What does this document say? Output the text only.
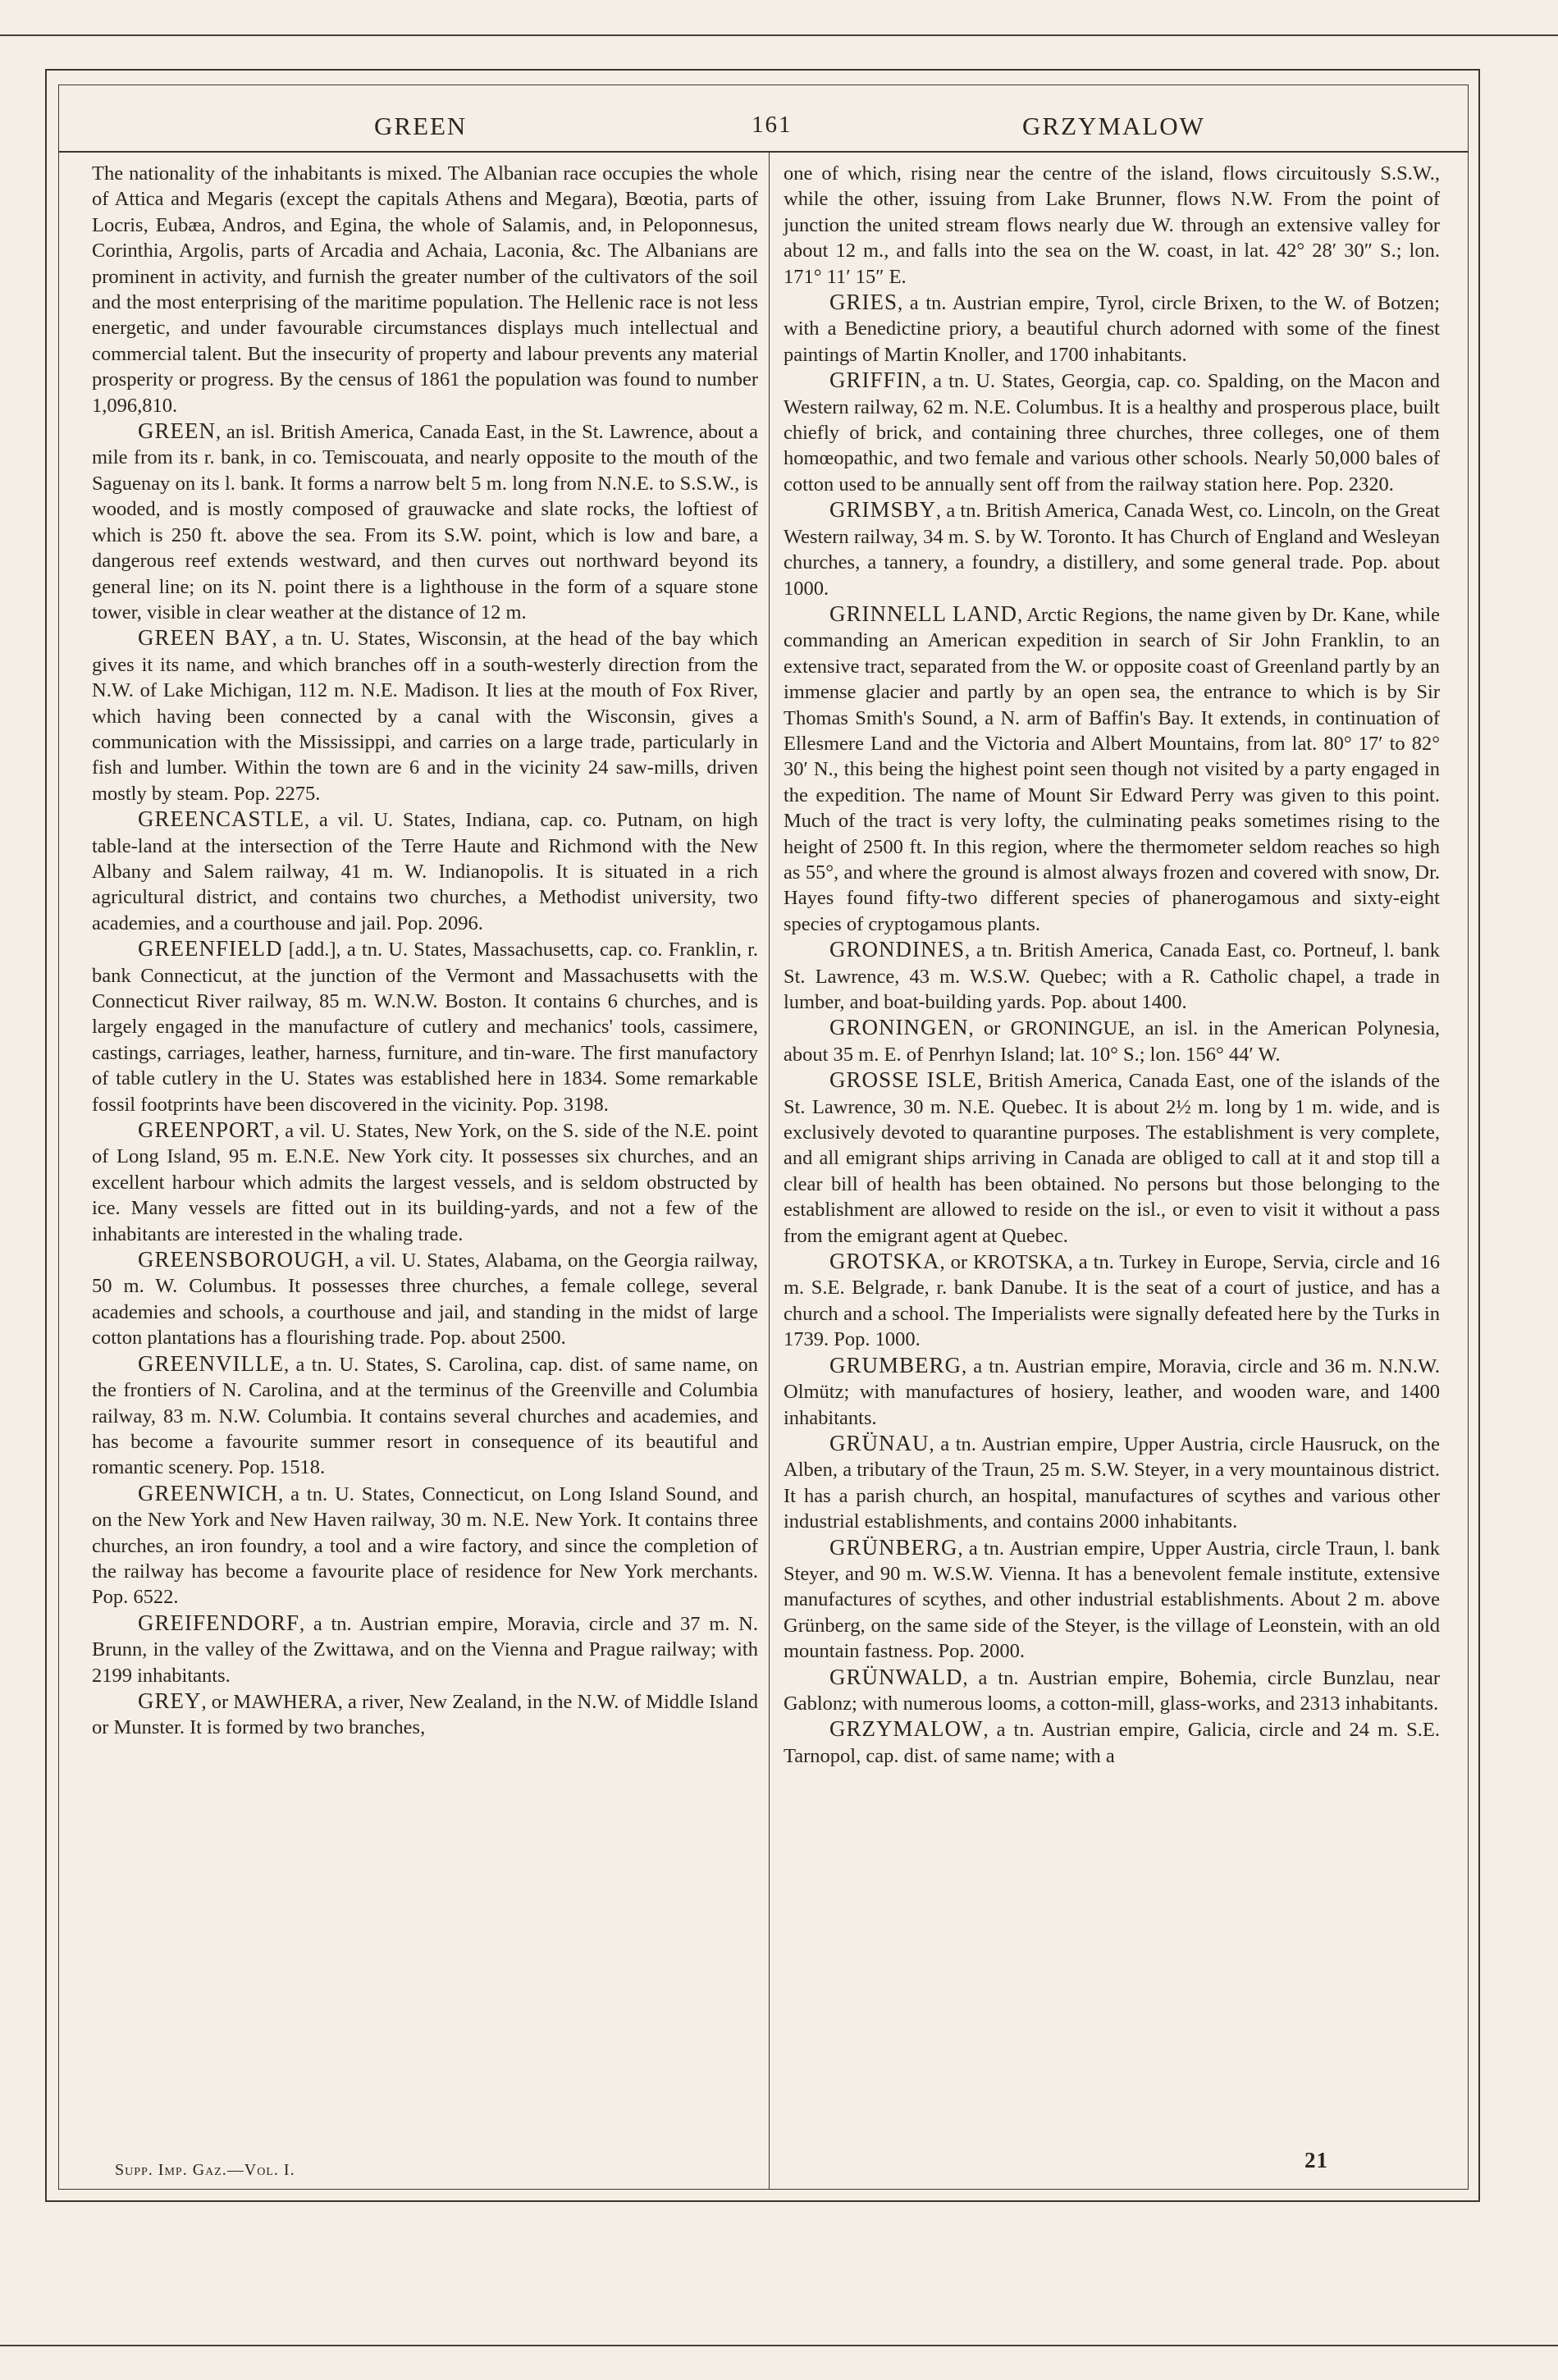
GREEN	161	GRZYMALOW

The nationality of the inhabitants is mixed. The Albanian race occupies the whole of Attica and Megaris (except the capitals Athens and Megara), Bœotia, parts of Locris, Eubæa, Andros, and Egina, the whole of Salamis, and, in Peloponnesus, Corinthia, Argolis, parts of Arcadia and Achaia, Laconia, &c. The Albanians are prominent in activity, and furnish the greater number of the cultivators of the soil and the most enterprising of the maritime population. The Hellenic race is not less energetic, and under favourable circumstances displays much intellectual and commercial talent. But the insecurity of property and labour prevents any material prosperity or progress. By the census of 1861 the population was found to number 1,096,810.

GREEN, an isl. British America, Canada East, in the St. Lawrence, about a mile from its r. bank, in co. Temiscouata, and nearly opposite to the mouth of the Saguenay on its l. bank. It forms a narrow belt 5 m. long from N.N.E. to S.S.W., is wooded, and is mostly composed of grauwacke and slate rocks, the loftiest of which is 250 ft. above the sea. From its S.W. point, which is low and bare, a dangerous reef extends westward, and then curves out northward beyond its general line; on its N. point there is a lighthouse in the form of a square stone tower, visible in clear weather at the distance of 12 m.

GREEN BAY, a tn. U. States, Wisconsin, at the head of the bay which gives it its name, and which branches off in a south-westerly direction from the N.W. of Lake Michigan, 112 m. N.E. Madison. It lies at the mouth of Fox River, which having been connected by a canal with the Wisconsin, gives a communication with the Mississippi, and carries on a large trade, particularly in fish and lumber. Within the town are 6 and in the vicinity 24 saw-mills, driven mostly by steam. Pop. 2275.

GREENCASTLE, a vil. U. States, Indiana, cap. co. Putnam, on high table-land at the intersection of the Terre Haute and Richmond with the New Albany and Salem railway, 41 m. W. Indianopolis. It is situated in a rich agricultural district, and contains two churches, a Methodist university, two academies, and a courthouse and jail. Pop. 2096.

GREENFIELD [add.], a tn. U. States, Massachusetts, cap. co. Franklin, r. bank Connecticut, at the junction of the Vermont and Massachusetts with the Connecticut River railway, 85 m. W.N.W. Boston. It contains 6 churches, and is largely engaged in the manufacture of cutlery and mechanics' tools, cassimere, castings, carriages, leather, harness, furniture, and tin-ware. The first manufactory of table cutlery in the U. States was established here in 1834. Some remarkable fossil footprints have been discovered in the vicinity. Pop. 3198.

GREENPORT, a vil. U. States, New York, on the S. side of the N.E. point of Long Island, 95 m. E.N.E. New York city. It possesses six churches, and an excellent harbour which admits the largest vessels, and is seldom obstructed by ice. Many vessels are fitted out in its building-yards, and not a few of the inhabitants are interested in the whaling trade.

GREENSBOROUGH, a vil. U. States, Alabama, on the Georgia railway, 50 m. W. Columbus. It possesses three churches, a female college, several academies and schools, a courthouse and jail, and standing in the midst of large cotton plantations has a flourishing trade. Pop. about 2500.

GREENVILLE, a tn. U. States, S. Carolina, cap. dist. of same name, on the frontiers of N. Carolina, and at the terminus of the Greenville and Columbia railway, 83 m. N.W. Columbia. It contains several churches and academies, and has become a favourite summer resort in consequence of its beautiful and romantic scenery. Pop. 1518.

GREENWICH, a tn. U. States, Connecticut, on Long Island Sound, and on the New York and New Haven railway, 30 m. N.E. New York. It contains three churches, an iron foundry, a tool and a wire factory, and since the completion of the railway has become a favourite place of residence for New York merchants. Pop. 6522.

GREIFENDORF, a tn. Austrian empire, Moravia, circle and 37 m. N. Brunn, in the valley of the Zwittawa, and on the Vienna and Prague railway; with 2199 inhabitants.

GREY, or MAWHERA, a river, New Zealand, in the N.W. of Middle Island or Munster. It is formed by two branches,

one of which, rising near the centre of the island, flows circuitously S.S.W., while the other, issuing from Lake Brunner, flows N.W. From the point of junction the united stream flows nearly due W. through an extensive valley for about 12 m., and falls into the sea on the W. coast, in lat. 42° 28′ 30″ S.; lon. 171° 11′ 15″ E.

GRIES, a tn. Austrian empire, Tyrol, circle Brixen, to the W. of Botzen; with a Benedictine priory, a beautiful church adorned with some of the finest paintings of Martin Knoller, and 1700 inhabitants.

GRIFFIN, a tn. U. States, Georgia, cap. co. Spalding, on the Macon and Western railway, 62 m. N.E. Columbus. It is a healthy and prosperous place, built chiefly of brick, and containing three churches, three colleges, one of them homœopathic, and two female and various other schools. Nearly 50,000 bales of cotton used to be annually sent off from the railway station here. Pop. 2320.

GRIMSBY, a tn. British America, Canada West, co. Lincoln, on the Great Western railway, 34 m. S. by W. Toronto. It has Church of England and Wesleyan churches, a tannery, a foundry, a distillery, and some general trade. Pop. about 1000.

GRINNELL LAND, Arctic Regions, the name given by Dr. Kane, while commanding an American expedition in search of Sir John Franklin, to an extensive tract, separated from the W. or opposite coast of Greenland partly by an immense glacier and partly by an open sea, the entrance to which is by Sir Thomas Smith's Sound, a N. arm of Baffin's Bay. It extends, in continuation of Ellesmere Land and the Victoria and Albert Mountains, from lat. 80° 17′ to 82° 30′ N., this being the highest point seen though not visited by a party engaged in the expedition. The name of Mount Sir Edward Perry was given to this point. Much of the tract is very lofty, the culminating peaks sometimes rising to the height of 2500 ft. In this region, where the thermometer seldom reaches so high as 55°, and where the ground is almost always frozen and covered with snow, Dr. Hayes found fifty-two different species of phanerogamous and sixty-eight species of cryptogamous plants.

GRONDINES, a tn. British America, Canada East, co. Portneuf, l. bank St. Lawrence, 43 m. W.S.W. Quebec; with a R. Catholic chapel, a trade in lumber, and boat-building yards. Pop. about 1400.

GRONINGEN, or GRONINGUE, an isl. in the American Polynesia, about 35 m. E. of Penrhyn Island; lat. 10° S.; lon. 156° 44′ W.

GROSSE ISLE, British America, Canada East, one of the islands of the St. Lawrence, 30 m. N.E. Quebec. It is about 2½ m. long by 1 m. wide, and is exclusively devoted to quarantine purposes. The establishment is very complete, and all emigrant ships arriving in Canada are obliged to call at it and stop till a clear bill of health has been obtained. No persons but those belonging to the establishment are allowed to reside on the isl., or even to visit it without a pass from the emigrant agent at Quebec.

GROTSKA, or KROTSKA, a tn. Turkey in Europe, Servia, circle and 16 m. S.E. Belgrade, r. bank Danube. It is the seat of a court of justice, and has a church and a school. The Imperialists were signally defeated here by the Turks in 1739. Pop. 1000.

GRUMBERG, a tn. Austrian empire, Moravia, circle and 36 m. N.N.W. Olmütz; with manufactures of hosiery, leather, and wooden ware, and 1400 inhabitants.

GRÜNAU, a tn. Austrian empire, Upper Austria, circle Hausruck, on the Alben, a tributary of the Traun, 25 m. S.W. Steyer, in a very mountainous district. It has a parish church, an hospital, manufactures of scythes and various other industrial establishments, and contains 2000 inhabitants.

GRÜNBERG, a tn. Austrian empire, Upper Austria, circle Traun, l. bank Steyer, and 90 m. W.S.W. Vienna. It has a benevolent female institute, extensive manufactures of scythes, and other industrial establishments. About 2 m. above Grünberg, on the same side of the Steyer, is the village of Leonstein, with an old mountain fastness. Pop. 2000.

GRÜNWALD, a tn. Austrian empire, Bohemia, circle Bunzlau, near Gablonz; with numerous looms, a cotton-mill, glass-works, and 2313 inhabitants.

GRZYMALOW, a tn. Austrian empire, Galicia, circle and 24 m. S.E. Tarnopol, cap. dist. of same name; with a

Supp. Imp. Gaz.—Vol. I.	21
